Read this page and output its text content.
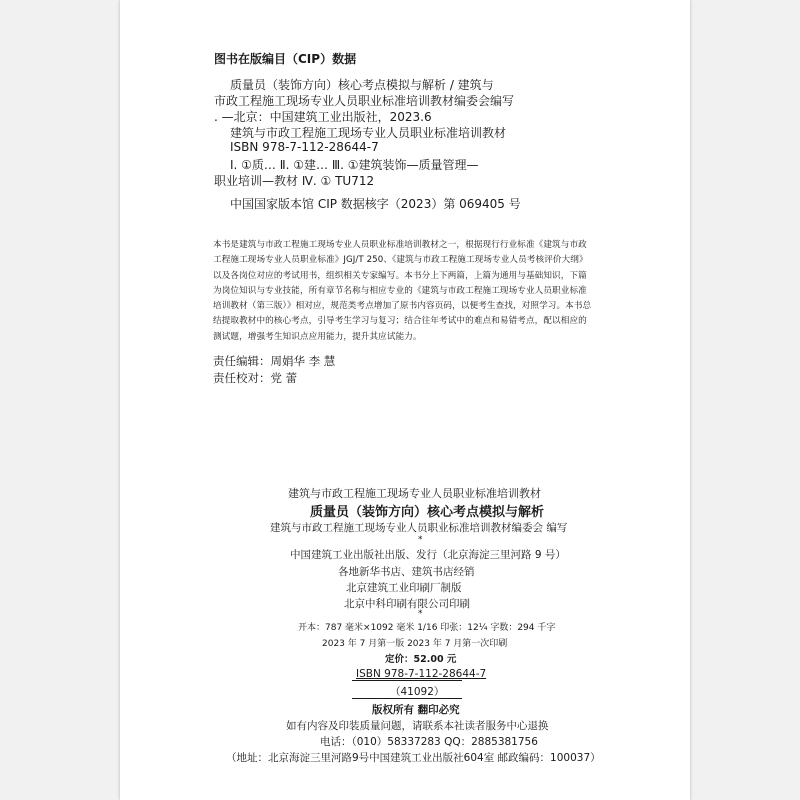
图书在版编目（CIP）数据
质量员（装饰方向）核心考点模拟与解析 / 建筑与
市政工程施工现场专业人员职业标准培训教材编委会编写
. —北京：中国建筑工业出版社，2023.6
建筑与市政工程施工现场专业人员职业标准培训教材
ISBN 978-7-112-28644-7
Ⅰ. ①质… Ⅱ. ①建… Ⅲ. ①建筑装饰—质量管理—
职业培训—教材 Ⅳ. ① TU712
中国国家版本馆 CIP 数据核字（2023）第 069405 号
本书是建筑与市政工程施工现场专业人员职业标准培训教材之一，根据现行行业标准《建筑与市政工程施工现场专业人员职业标准》JGJ/T 250、《建筑与市政工程施工现场专业人员考核评价大纲》以及各岗位对应的考试用书，组织相关专家编写。本书分上下两篇，上篇为通用与基础知识，下篇为岗位知识与专业技能，所有章节名称与相应专业的《建筑与市政工程施工现场专业人员职业标准培训教材（第三版）》相对应，规范类考点增加了原书内容页码，以便考生查找，对照学习。本书总结提取教材中的核心考点，引导考生学习与复习；结合往年考试中的难点和易错考点，配以相应的测试题，增强考生知识点应用能力，提升其应试能力。
责任编辑：周娟华 李 慧
责任校对：党 蕾
建筑与市政工程施工现场专业人员职业标准培训教材
质量员（装饰方向）核心考点模拟与解析
建筑与市政工程施工现场专业人员职业标准培训教材编委会 编写
*
中国建筑工业出版社出版、发行（北京海淀三里河路 9 号）
各地新华书店、建筑书店经销
北京建筑工业印刷厂制版
北京中科印刷有限公司印刷
*
开本：787 毫米×1092 毫米 1/16 印张：12¼ 字数：294 千字
2023 年 7 月第一版 2023 年 7 月第一次印刷
定价：52.00 元
ISBN 978-7-112-28644-7
（41092）
版权所有 翻印必究
如有内容及印装质量问题，请联系本社读者服务中心退换
电话：（010）58337283 QQ：2885381756
（地址：北京海淀三里河路9号中国建筑工业出版社604室 邮政编码：100037）
